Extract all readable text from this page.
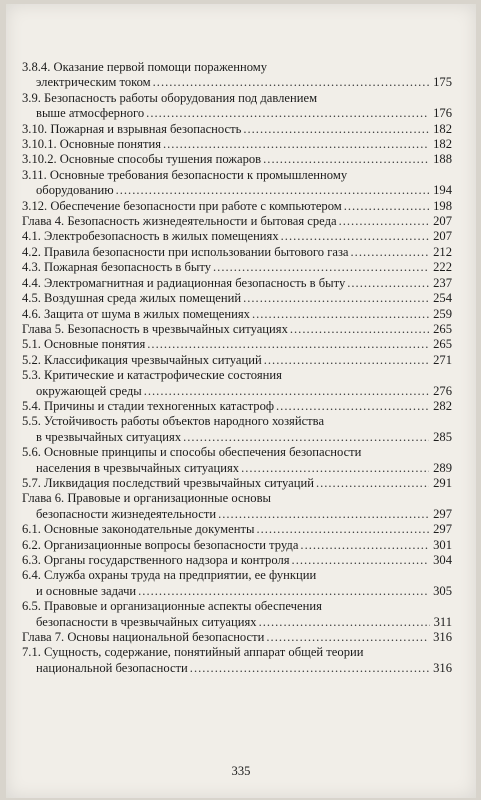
3.8.4. Оказание первой помощи пораженному
электрическим током .....	175
3.9. Безопасность работы оборудования под давлением
выше атмосферного .....	176
3.10. Пожарная и взрывная безопасность .....	182
3.10.1. Основные понятия .....	182
3.10.2. Основные способы тушения пожаров .....	188
3.11. Основные требования безопасности к промышленному
оборудованию .....	194
3.12. Обеспечение безопасности при работе с компьютером .....	198
Глава 4. Безопасность жизнедеятельности и бытовая среда .....	207
4.1. Электробезопасность в жилых помещениях .....	207
4.2. Правила безопасности при использовании бытового газа .....	212
4.3. Пожарная безопасность в быту .....	222
4.4. Электромагнитная и радиационная безопасность в быту .....	237
4.5. Воздушная среда жилых помещений .....	254
4.6. Защита от шума в жилых помещениях .....	259
Глава 5. Безопасность в чрезвычайных ситуациях .....	265
5.1. Основные понятия .....	265
5.2. Классификация чрезвычайных ситуаций .....	271
5.3. Критические и катастрофические состояния
окружающей среды .....	276
5.4. Причины и стадии техногенных катастроф .....	282
5.5. Устойчивость работы объектов народного хозяйства
в чрезвычайных ситуациях .....	285
5.6. Основные принципы и способы обеспечения безопасности
населения в чрезвычайных ситуациях .....	289
5.7. Ликвидация последствий чрезвычайных ситуаций .....	291
Глава 6. Правовые и организационные основы
безопасности жизнедеятельности .....	297
6.1. Основные законодательные документы .....	297
6.2. Организационные вопросы безопасности труда .....	301
6.3. Органы государственного надзора и контроля .....	304
6.4. Служба охраны труда на предприятии, ее функции
и основные задачи .....	305
6.5. Правовые и организационные аспекты обеспечения
безопасности в чрезвычайных ситуациях .....	311
Глава 7. Основы национальной безопасности .....	316
7.1. Сущность, содержание, понятийный аппарат общей теории
национальной безопасности .....	316
335
